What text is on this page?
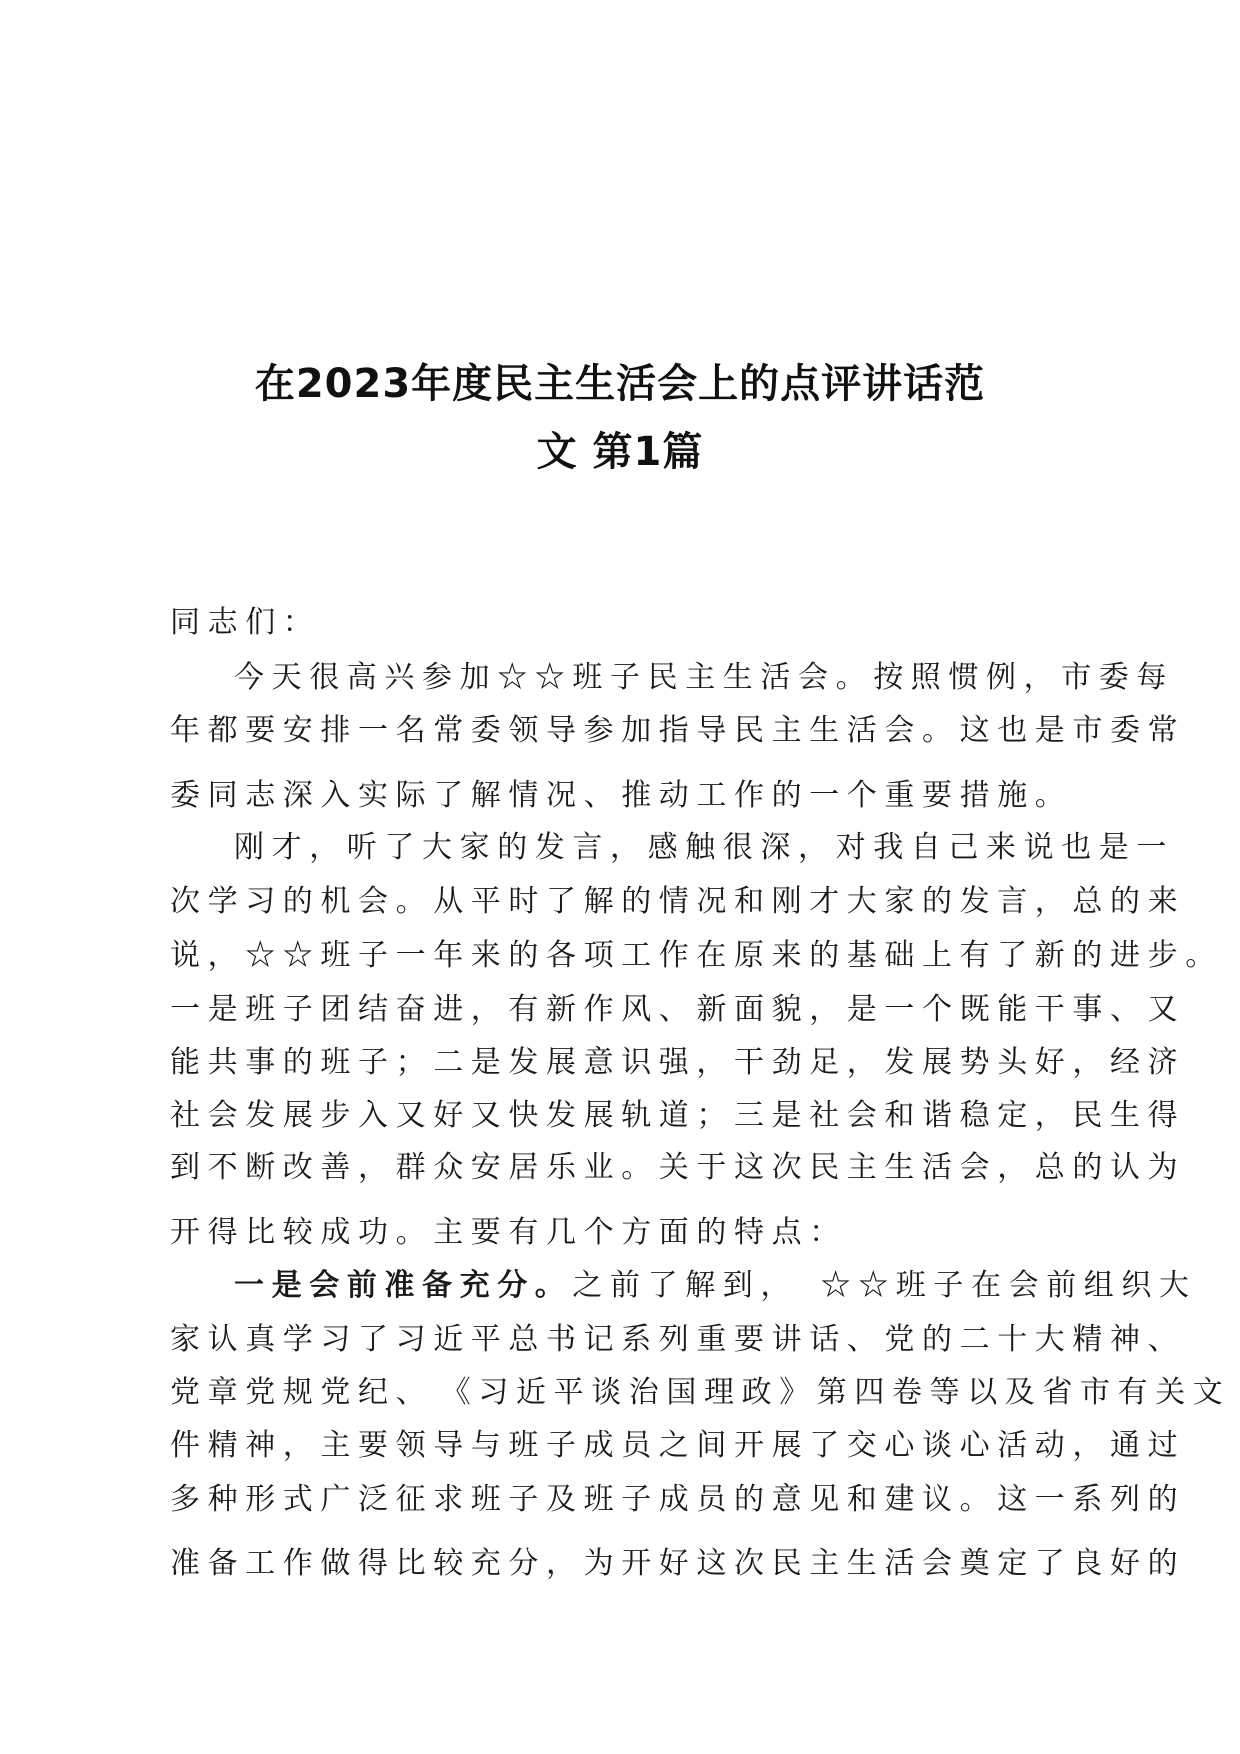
在2023年度民主生活会上的点评讲话范
文 第1篇
同志们：
今天很高兴参加☆☆班子民主生活会。按照惯例，市委每
年都要安排一名常委领导参加指导民主生活会。这也是市委常
委同志深入实际了解情况、推动工作的一个重要措施。
刚才，听了大家的发言，感触很深，对我自己来说也是一
次学习的机会。从平时了解的情况和刚才大家的发言，总的来
说，☆☆班子一年来的各项工作在原来的基础上有了新的进步。
一是班子团结奋进，有新作风、新面貌，是一个既能干事、又
能共事的班子；二是发展意识强，干劲足，发展势头好，经济
社会发展步入又好又快发展轨道；三是社会和谐稳定，民生得
到不断改善，群众安居乐业。关于这次民主生活会，总的认为
开得比较成功。主要有几个方面的特点：
一是会前准备充分。之前了解到，　☆☆班子在会前组织大
家认真学习了习近平总书记系列重要讲话、党的二十大精神、
党章党规党纪、　《习近平谈治国理政》第四卷等以及省市有关文
件精神，主要领导与班子成员之间开展了交心谈心活动，通过
多种形式广泛征求班子及班子成员的意见和建议。这一系列的
准备工作做得比较充分，为开好这次民主生活会奠定了良好的
